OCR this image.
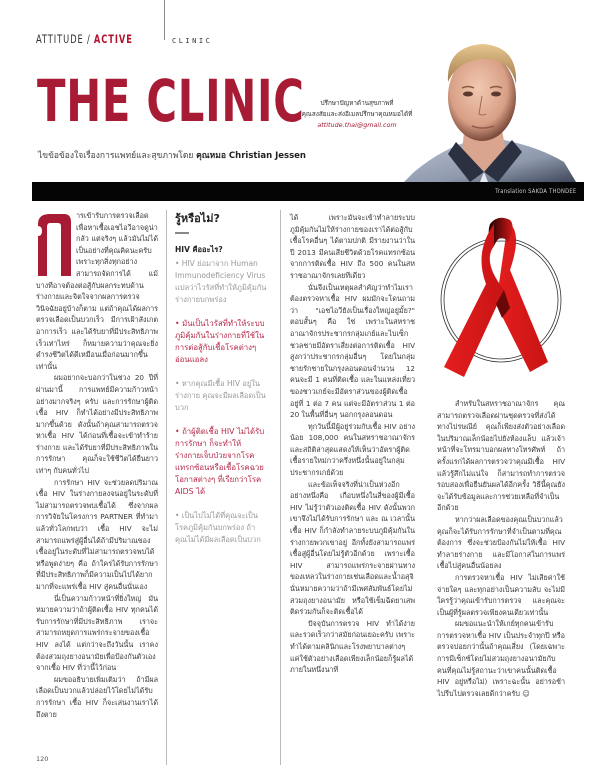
ATTITUDE / ACTIVE	CLINIC
THE CLINIC
ไขข้อข้องใจเรื่องการแพทย์และสุขภาพโดย คุณหมอ Christian Jessen
ปรึกษาปัญหาด้านสุขภาพที่
คุณสงสัยและส่งอีเมลปรึกษาคุณหมอได้ที่
attitude.thai@gmail.com
Translation SAKDA THONDEE

ารเข้ารับการตรวจเลือดเพื่อหาเชื้อเอชไอวีอาจดูน่ากลัว แต่จริงๆ แล้วมันไม่ได้เป็นอย่างที่คุณคิดนะครับ เพราะทุกสิ่งทุกอย่างสามารถจัดการได้ แม้บางทีอาจต้องต่อสู้กับผลกระทบด้านร่างกายและจิตใจจากผลการตรวจวินิจฉัยอยู่บ้างก็ตาม แต่ถ้าคุณได้ผลการตรวจเลือดเป็นบวกเร็ว มีการเฝ้าสังเกตอาการเร็ว และได้รับยาที่มีประสิทธิภาพเร็วเท่าไหร่ ก็หมายความว่าคุณจะยิ่งดำรงชีวิตได้ดีเหมือนเมื่อก่อนมากขึ้นเท่านั้น

ผมอยากจะบอกว่าในช่วง 20 ปีที่ผ่านมานี้ การแพทย์มีความก้าวหน้าอย่างมากจริงๆ ครับ และการรักษาผู้ติดเชื้อ HIV ก็ทำได้อย่างมีประสิทธิภาพมากขึ้นด้วย ดังนั้นถ้าคุณสามารถตรวจหาเชื้อ HIV ได้ก่อนที่เชื้อจะเข้าทำร้ายร่างกาย และได้รับยาที่มีประสิทธิภาพในการรักษา คุณก็จะใช้ชีวิตได้ยืนยาวเท่าๆ กับคนทั่วไป

การรักษา HIV จะช่วยลดปริมาณเชื้อ HIV ในร่างกายลงจนอยู่ในระดับที่ไม่สามารถตรวจพบเชื้อได้ ซึ่งจากผลการวิจัยในโครงการ PARTNER ที่ทำมาแล้วทั่วโลกพบว่า เชื้อ HIV จะไม่สามารถแพร่สู่ผู้อื่นได้ถ้ามีปริมาณของเชื้ออยู่ในระดับที่ไม่สามารถตรวจพบได้ หรือพูดง่ายๆ คือ ถ้าใครได้รับการรักษาที่มีประสิทธิภาพก็มีความเป็นไปได้ยากมากที่จะแพร่เชื้อ HIV สู่คนอื่นนั่นเอง

นี่เป็นความก้าวหน้าที่ยิ่งใหญ่ มันหมายความว่าถ้าผู้ติดเชื้อ HIV ทุกคนได้รับการรักษาที่มีประสิทธิภาพ เราจะสามารถหยุดการแพร่กระจายของเชื้อ HIV ลงได้ แต่กว่าจะถึงวันนั้น เราคงต้องสวมถุงยางอนามัยเพื่อป้องกันตัวเองจากเชื้อ HIV ที่ว่านี้ไว้ก่อน

ผมขออธิบายเพิ่มเติมว่า ถ้ามีผลเลือดเป็นบวกแล้วปล่อยไว้โดยไม่ได้รับการรักษา เชื้อ HIV ก็จะเล่นงานเราได้ถึงตาย

รู้หรือไม่?
HIV คืออะไร?
• HIV ย่อมาจาก Human Immunodeficiency Virus แปลว่าไวรัสที่ทำให้ภูมิคุ้มกันร่างกายบกพร่อง
• มันเป็นไวรัสที่ทำให้ระบบภูมิคุ้มกันในร่างกายที่ใช้ในการต่อสู้กับเชื้อโรคต่างๆ อ่อนแอลง
• หากคุณมีเชื้อ HIV อยู่ในร่างกาย คุณจะมีผลเลือดเป็นบวก
• ถ้าผู้ติดเชื้อ HIV ไม่ได้รับการรักษา ก็จะทำให้ร่างกายเจ็บป่วยจากโรคแทรกซ้อนหรือเชื้อโรคฉวยโอกาสต่างๆ ที่เรียกว่าโรค AIDS ได้
• เป็นไปไม่ได้ที่คุณจะเป็นโรคภูมิคุ้มกันบกพร่อง ถ้าคุณไม่ได้มีผลเลือดเป็นบวก

ได้ เพราะมันจะเข้าทำลายระบบภูมิคุ้มกันไม่ให้ร่างกายของเราได้ต่อสู้กับเชื้อโรคอื่นๆ ได้ตามปกติ มีรายงานว่าในปี 2013 มีคนเสียชีวิตด้วยโรคแทรกซ้อนจากการติดเชื้อ HIV ถึง 500 คนในสหราชอาณาจักรเลยทีเดียว

นั่นจึงเป็นเหตุผลสำคัญว่าทำไมเราต้องตรวจหาเชื้อ HIV ผมมักจะโดนถามว่า "เอชไอวียังเป็นเรื่องใหญ่อยู่มั้ย?" ตอบสั้นๆ คือ ใช่ เพราะในสหราชอาณาจักรประชากรกลุ่มเกย์และไบเซ็กชวลชายมีอัตราเสี่ยงต่อการติดเชื้อ HIV สูงกว่าประชากรกลุ่มอื่นๆ โดยในกลุ่มชายรักชายในกรุงลอนดอนจำนวน 12 คนจะมี 1 คนที่ติดเชื้อ และในแหล่งเที่ยวของชาวเกย์จะมีอัตราส่วนของผู้ติดเชื้ออยู่ที่ 1 ต่อ 7 คน แต่จะมีอัตราส่วน 1 ต่อ 20 ในพื้นที่อื่นๆ นอกกรุงลอนดอน

ทุกวันนี้มีผู้อยู่ร่วมกับเชื้อ HIV อย่างน้อย 108,000 คนในสหราชอาณาจักร และสถิติล่าสุดแสดงให้เห็นว่าอัตราผู้ติดเชื้อรายใหม่กว่าครึ่งหนึ่งนั้นอยู่ในกลุ่มประชากรเกย์ด้วย

และข้อเท็จจริงที่น่าเป็นห่วงอีกอย่างหนึ่งคือ เกือบหนึ่งในสี่ของผู้มีเชื้อ HIV ไม่รู้ว่าตัวเองติดเชื้อ HIV ดังนั้นพวกเขาจึงไม่ได้รับการรักษา และ ณ เวลานั้น เชื้อ HIV ก็กำลังทำลายระบบภูมิคุ้มกันในร่างกายพวกเขาอยู่ อีกทั้งยังสามารถแพร่เชื้อสู่ผู้อื่นโดยไม่รู้ตัวอีกด้วย เพราะเชื้อ HIV สามารถแพร่กระจายผ่านทางของเหลวในร่างกายเช่นเลือดและน้ำอสุจิ นั่นหมายความว่าถ้ามีเพศสัมพันธ์โดยไม่สวมถุงยางอนามัย หรือใช้เข็มฉีดยาเสพติดร่วมกันก็จะติดเชื้อได้

ปัจจุบันการตรวจ HIV ทำได้ง่ายและรวดเร็วกว่าสมัยก่อนเยอะครับ เพราะทำได้ตามคลินิกและโรงพยาบาลต่างๆ แค่ใช้ตัวอย่างเลือดเพียงเล็กน้อยก็รู้ผลได้ภายในหนึ่งนาที

สำหรับในสหราชอาณาจักร คุณสามารถตรวจเลือดผ่านชุดตรวจที่ส่งได้ทางไปรษณีย์ คุณก็เพียงส่งตัวอย่างเลือดในปริมาณเล็กน้อยไปยังห้องแล็บ แล้วเจ้าหน้าที่จะโทรมาบอกผลทางโทรศัพท์ ถ้าครั้งแรกได้ผลการตรวจว่าคุณมีเชื้อ HIV แล้วรู้สึกไม่แน่ใจ ก็สามารถทำการตรวจรอบสองเพื่อยืนยันผลได้อีกครั้ง วิธีนี้คุณยังจะได้รับข้อมูลและการช่วยเหลือที่จำเป็นอีกด้วย

หากว่าผลเลือดของคุณเป็นบวกแล้ว คุณก็จะได้รับการรักษาที่จำเป็นตามที่คุณต้องการ ซึ่งจะช่วยป้องกันไม่ให้เชื้อ HIV ทำลายร่างกาย และมีโอกาสในการแพร่เชื้อไปสู่คนอื่นน้อยลง

การตรวจหาเชื้อ HIV ไม่เสียค่าใช้จ่ายใดๆ และทุกอย่างเป็นความลับ จะไม่มีใครรู้ว่าคุณเข้ารับการตรวจ และคุณจะเป็นผู้ที่รู้ผลตรวจเพียงคนเดียวเท่านั้น

ผมขอแนะนำให้เกย์ทุกคนเข้ารับการตรวจหาเชื้อ HIV เป็นประจำทุกปี หรือตรวจบ่อยกว่านั้นถ้าคุณเสี่ยง (โดยเฉพาะการมีเซ็กซ์โดยไม่สวมถุงยางอนามัยกับคนที่คุณไม่รู้สถานะว่าเขาคนนั้นติดเชื้อ HIV อยู่หรือไม่) เพราะฉะนั้น อย่ารอช้า ไปรีบไปตรวจเลยดีกว่าครับ ☺

120
